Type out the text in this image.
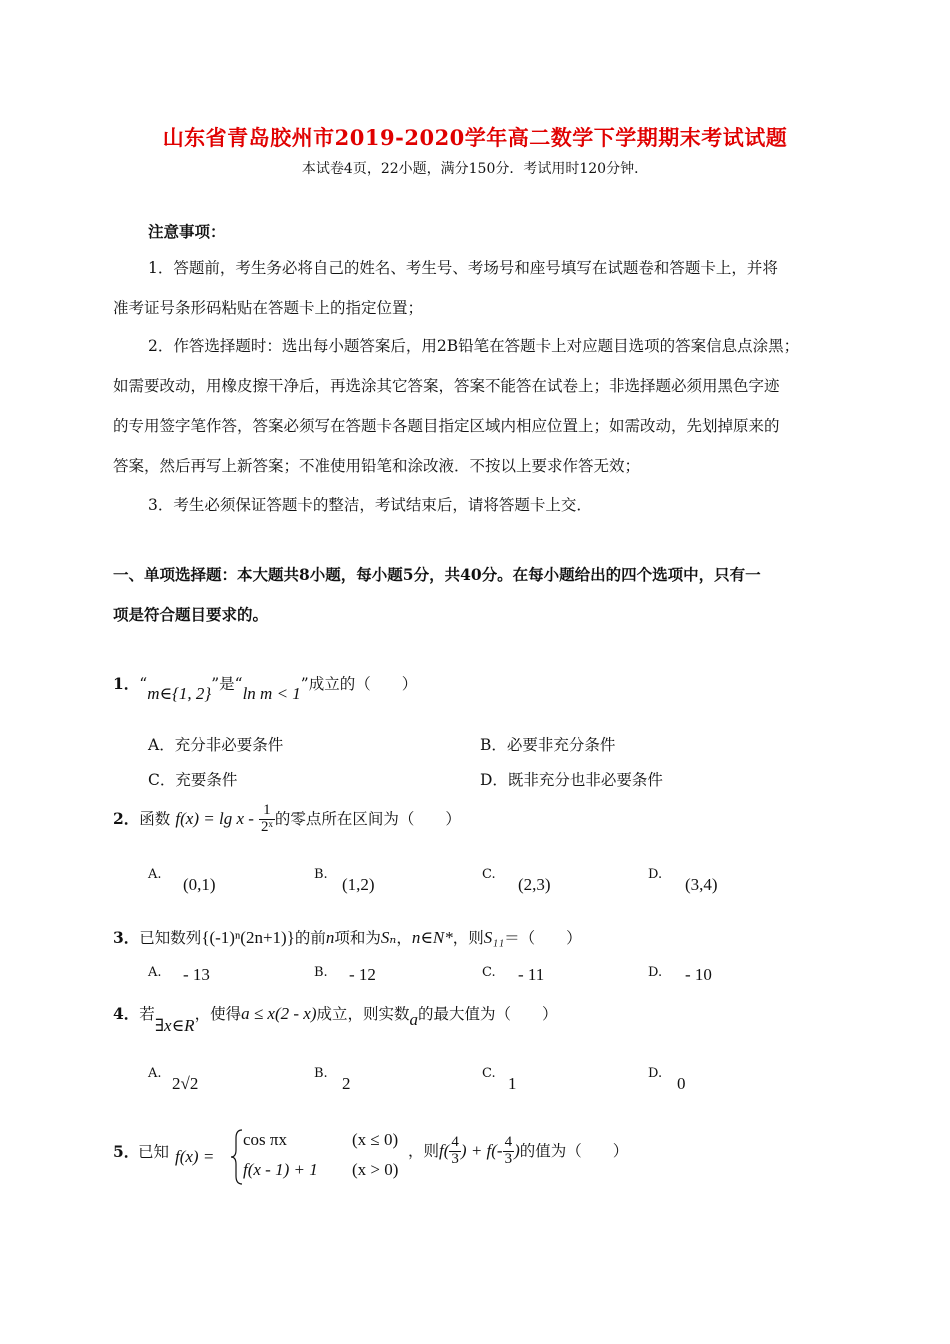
山东省青岛胶州市2019-2020学年高二数学下学期期末考试试题
本试卷4页，22小题，满分150分．考试用时120分钟．
注意事项：
1．答题前，考生务必将自己的姓名、考生号、考场号和座号填写在试题卷和答题卡上，并将
准考证号条形码粘贴在答题卡上的指定位置；
2．作答选择题时：选出每小题答案后，用2B铅笔在答题卡上对应题目选项的答案信息点涂黑；
如需要改动，用橡皮擦干净后，再选涂其它答案，答案不能答在试卷上；非选择题必须用黑色字迹
的专用签字笔作答，答案必须写在答题卡各题目指定区域内相应位置上；如需改动，先划掉原来的
答案，然后再写上新答案；不准使用铅笔和涂改液．不按以上要求作答无效；
3．考生必须保证答题卡的整洁，考试结束后，请将答题卡上交．
一、单项选择题：本大题共8小题，每小题5分，共40分。在每小题给出的四个选项中，只有一
项是符合题目要求的。
1．“m∈{1, 2}”是“ln m < 1”成立的（　　）
A．充分非必要条件	B．必要非充分条件
C．充要条件	D．既非充分也非必要条件
2．函数 $f(x) = \lg x - \frac{1}{\text{2ˣ}}$ 的零点所在区间为（　　）
A.
(0,1)
B.
(1,2)
C.
(2,3)
D.
(3,4)
3．已知数列{(-1)ⁿ(2n+1)}的前n项和为Sₙ，n∈N*，则S₁₁＝（　　）
A. - 13	B. - 12	C. - 11	D. - 10
4．若∃x∈R，使得a ≤ x(2 - x)成立，则实数a的最大值为（　　）
A.
2√2
B.
2
C.
1
D.
0
5．
已知 f(x) =
cos πx	(x ≤ 0)
f(x - 1) + 1 (x > 0)
，则$f( \frac{4}{3}$ ) + $f(- \frac{4}{3}$ )的值为（　　）
